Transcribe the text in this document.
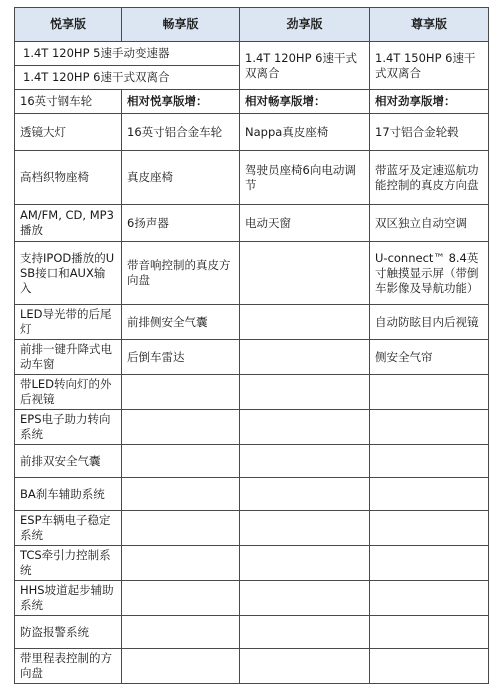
悦享版	畅享版	劲享版	尊享版
1.4T 120HP 5速手动变速器		1.4T 120HP 6速干式双离合	1.4T 150HP 6速干式双离合
1.4T 120HP 6速干式双离合			
16英寸钢车轮	相对悦享版增：	相对畅享版增：	相对劲享版增：
透镜大灯	16英寸铝合金车轮	Nappa真皮座椅	17寸铝合金轮毂
高档织物座椅	真皮座椅	驾驶员座椅6向电动调节	带蓝牙及定速巡航功能控制的真皮方向盘
AM/FM, CD, MP3播放	6扬声器	电动天窗	双区独立自动空调
支持IPOD播放的USB接口和AUX输入	带音响控制的真皮方向盘		U-connect™ 8.4英寸触摸显示屏（带倒车影像及导航功能）
LED导光带的后尾灯	前排侧安全气囊		自动防眩目内后视镜
前排一键升降式电动车窗	后倒车雷达		侧安全气帘
带LED转向灯的外后视镜			
EPS电子助力转向系统			
前排双安全气囊			
BA刹车辅助系统			
ESP车辆电子稳定系统			
TCS牵引力控制系统			
HHS坡道起步辅助系统			
防盗报警系统			
带里程表控制的方向盘			
